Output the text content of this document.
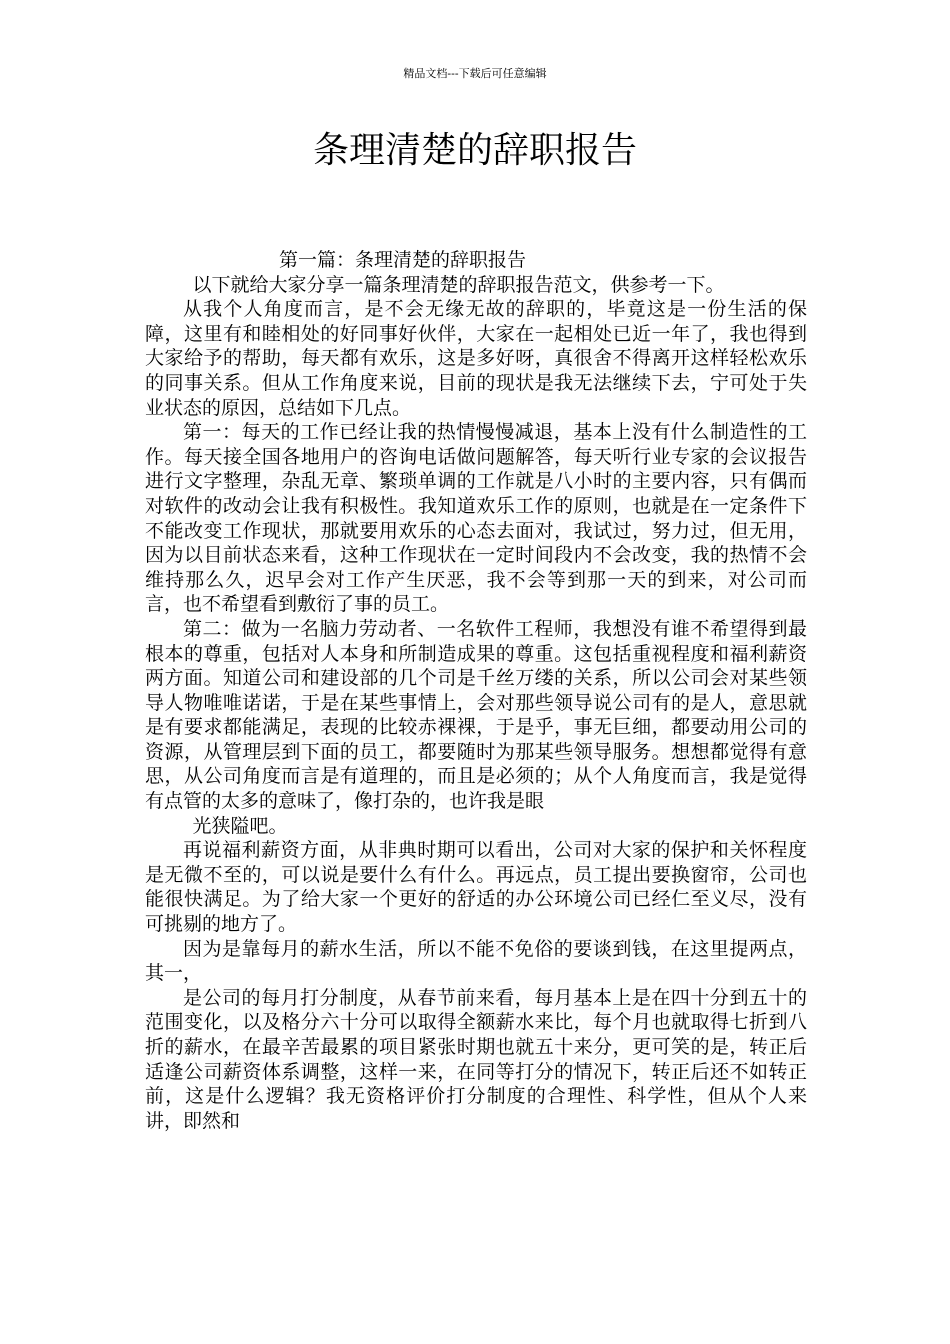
精品文档---下载后可任意编辑
条理清楚的辞职报告

第一篇：条理清楚的辞职报告

以下就给大家分享一篇条理清楚的辞职报告范文，供参考一下。

从我个人角度而言，是不会无缘无故的辞职的，毕竟这是一份生活的保障，这里有和睦相处的好同事好伙伴，大家在一起相处已近一年了，我也得到大家给予的帮助，每天都有欢乐，这是多好呀，真很舍不得离开这样轻松欢乐的同事关系。但从工作角度来说，目前的现状是我无法继续下去，宁可处于失业状态的原因，总结如下几点。

第一：每天的工作已经让我的热情慢慢减退，基本上没有什么制造性的工作。每天接全国各地用户的咨询电话做问题解答，每天听行业专家的会议报告进行文字整理，杂乱无章、繁琐单调的工作就是八小时的主要内容，只有偶而对软件的改动会让我有积极性。我知道欢乐工作的原则，也就是在一定条件下不能改变工作现状，那就要用欢乐的心态去面对，我试过，努力过，但无用，因为以目前状态来看，这种工作现状在一定时间段内不会改变，我的热情不会维持那么久，迟早会对工作产生厌恶，我不会等到那一天的到来，对公司而言，也不希望看到敷衍了事的员工。

第二：做为一名脑力劳动者、一名软件工程师，我想没有谁不希望得到最根本的尊重，包括对人本身和所制造成果的尊重。这包括重视程度和福利薪资两方面。知道公司和建设部的几个司是千丝万缕的关系，所以公司会对某些领导人物唯唯诺诺，于是在某些事情上，会对那些领导说公司有的是人，意思就是有要求都能满足，表现的比较赤裸裸，于是乎，事无巨细，都要动用公司的资源，从管理层到下面的员工，都要随时为那某些领导服务。想想都觉得有意思，从公司角度而言是有道理的，而且是必须的；从个人角度而言，我是觉得有点管的太多的意味了，像打杂的，也许我是眼

光狭隘吧。

再说福利薪资方面，从非典时期可以看出，公司对大家的保护和关怀程度是无微不至的，可以说是要什么有什么。再远点，员工提出要换窗帘，公司也能很快满足。为了给大家一个更好的舒适的办公环境公司已经仁至义尽，没有可挑剔的地方了。

因为是靠每月的薪水生活，所以不能不免俗的要谈到钱，在这里提两点，其一，

是公司的每月打分制度，从春节前来看，每月基本上是在四十分到五十的范围变化，以及格分六十分可以取得全额薪水来比，每个月也就取得七折到八折的薪水，在最辛苦最累的项目紧张时期也就五十来分，更可笑的是，转正后适逢公司薪资体系调整，这样一来，在同等打分的情况下，转正后还不如转正前，这是什么逻辑？我无资格评价打分制度的合理性、科学性，但从个人来讲，即然和
